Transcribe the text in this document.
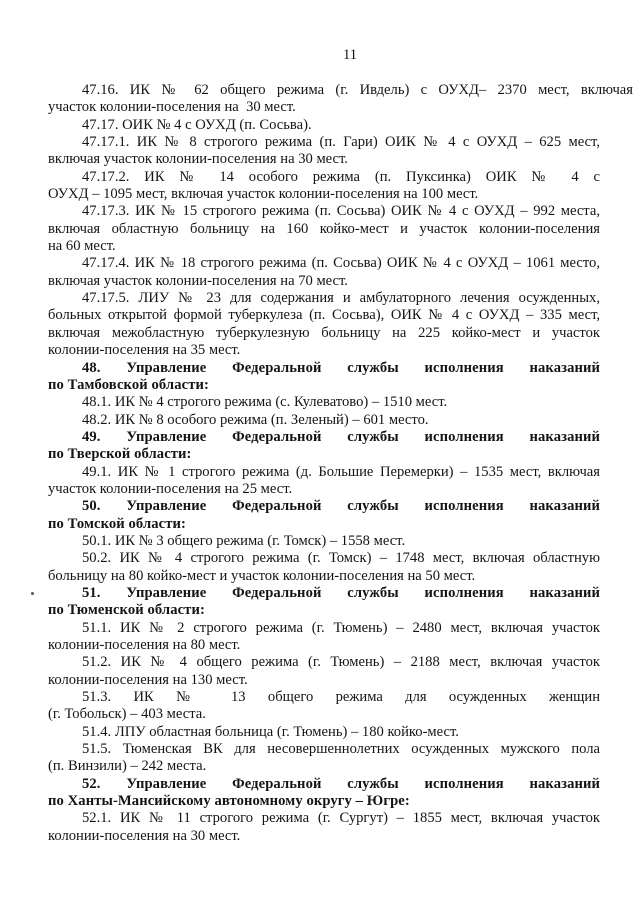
11
47.16. ИК № 62 общего режима (г. Ивдель) с ОУХД– 2370 мест, включая
участок колонии-поселения на  30 мест.
47.17. ОИК № 4 с ОУХД (п. Сосьва).
47.17.1. ИК № 8 строгого режима (п. Гари) ОИК № 4 с ОУХД – 625 мест,
включая участок колонии-поселения на 30 мест.
47.17.2. ИК № 14 особого режима (п. Пуксинка) ОИК № 4 с
ОУХД – 1095 мест, включая участок колонии-поселения на 100 мест.
47.17.3. ИК № 15 строгого режима (п. Сосьва) ОИК № 4 с ОУХД – 992 места,
включая областную больницу на 160 койко-мест и участок колонии-поселения
на 60 мест.
47.17.4. ИК № 18 строгого режима (п. Сосьва) ОИК № 4 с ОУХД – 1061 место,
включая участок колонии-поселения на 70 мест.
47.17.5. ЛИУ № 23 для содержания и амбулаторного лечения осужденных,
больных открытой формой туберкулеза (п. Сосьва), ОИК № 4 с ОУХД – 335 мест,
включая межобластную туберкулезную больницу на 225 койко-мест и участок
колонии-поселения на 35 мест.
48. Управление Федеральной службы исполнения наказаний
по Тамбовской области:
48.1. ИК № 4 строгого режима (с. Кулеватово) – 1510 мест.
48.2. ИК № 8 особого режима (п. Зеленый) – 601 место.
49. Управление Федеральной службы исполнения наказаний
по Тверской области:
49.1. ИК № 1 строгого режима (д. Большие Перемерки) – 1535 мест, включая
участок колонии-поселения на 25 мест.
50. Управление Федеральной службы исполнения наказаний
по Томской области:
50.1. ИК № 3 общего режима (г. Томск) – 1558 мест.
50.2. ИК № 4 строгого режима (г. Томск) – 1748 мест, включая областную
больницу на 80 койко-мест и участок колонии-поселения на 50 мест.
51. Управление Федеральной службы исполнения наказаний
по Тюменской области:
51.1. ИК № 2 строгого режима (г. Тюмень) – 2480 мест, включая участок
колонии-поселения на 80 мест.
51.2. ИК № 4 общего режима (г. Тюмень) – 2188 мест, включая участок
колонии-поселения на 130 мест.
51.3. ИК № 13 общего режима для осужденных женщин
(г. Тобольск) – 403 места.
51.4. ЛПУ областная больница (г. Тюмень) – 180 койко-мест.
51.5. Тюменская ВК для несовершеннолетних осужденных мужского пола
(п. Винзили) – 242 места.
52. Управление Федеральной службы исполнения наказаний
по Ханты-Мансийскому автономному округу – Югре:
52.1. ИК № 11 строгого режима (г. Сургут) – 1855 мест, включая участок
колонии-поселения на 30 мест.
